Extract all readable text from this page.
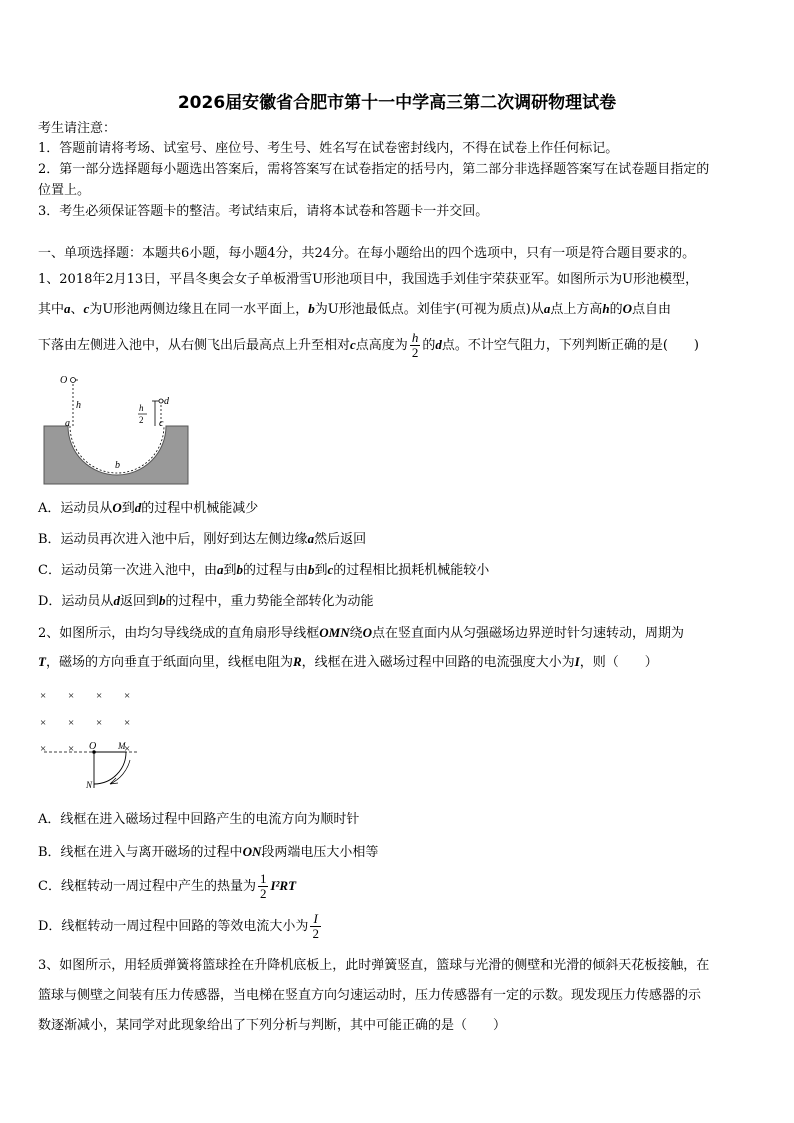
2026届安徽省合肥市第十一中学高三第二次调研物理试卷
考生请注意：
1．答题前请将考场、试室号、座位号、考生号、姓名写在试卷密封线内，不得在试卷上作任何标记。
2．第一部分选择题每小题选出答案后，需将答案写在试卷指定的括号内，第二部分非选择题答案写在试卷题目指定的
位置上。
3．考生必须保证答题卡的整洁。考试结束后，请将本试卷和答题卡一并交回。
一、单项选择题：本题共6小题，每小题4分，共24分。在每小题给出的四个选项中，只有一项是符合题目要求的。
1、2018年2月13日，平昌冬奥会女子单板滑雪U形池项目中，我国选手刘佳宇荣获亚军。如图所示为U形池模型，
其中a、c为U形池两侧边缘且在同一水平面上，b为U形池最低点。刘佳宇(可视为质点)从a点上方高h的O点自由
下落由左侧进入池中，从右侧飞出后最高点上升至相对c点高度为 $\frac{h}{2}$ 的d点。不计空气阻力，下列判断正确的是(　　)
O
h	h
2
d
a	c
b
A．运动员从O到d的过程中机械能减少
B．运动员再次进入池中后，刚好到达左侧边缘a然后返回
C．运动员第一次进入池中，由a到b的过程与由b到c的过程相比损耗机械能较小
D．运动员从d返回到b的过程中，重力势能全部转化为动能
2、如图所示，由均匀导线绕成的直角扇形导线框OMN绕O点在竖直面内从匀强磁场边界逆时针匀速转动，周期为
T，磁场的方向垂直于纸面向里，线框电阻为R，线框在进入磁场过程中回路的电流强度大小为I，则（　　）
× × × ×
× × × ×
× ×	×
O M
N
A．线框在进入磁场过程中回路产生的电流方向为顺时针
B．线框在进入与离开磁场的过程中ON段两端电压大小相等
C．线框转动一周过程中产生的热量为 $\frac{1}{2} I^2RT$
D．线框转动一周过程中回路的等效电流大小为 $\frac{I}{2}$
3、如图所示，用轻质弹簧将篮球拴在升降机底板上，此时弹簧竖直，篮球与光滑的侧壁和光滑的倾斜天花板接触，在
篮球与侧壁之间装有压力传感器，当电梯在竖直方向匀速运动时，压力传感器有一定的示数。现发现压力传感器的示
数逐渐减小，某同学对此现象给出了下列分析与判断，其中可能正确的是（　　）
